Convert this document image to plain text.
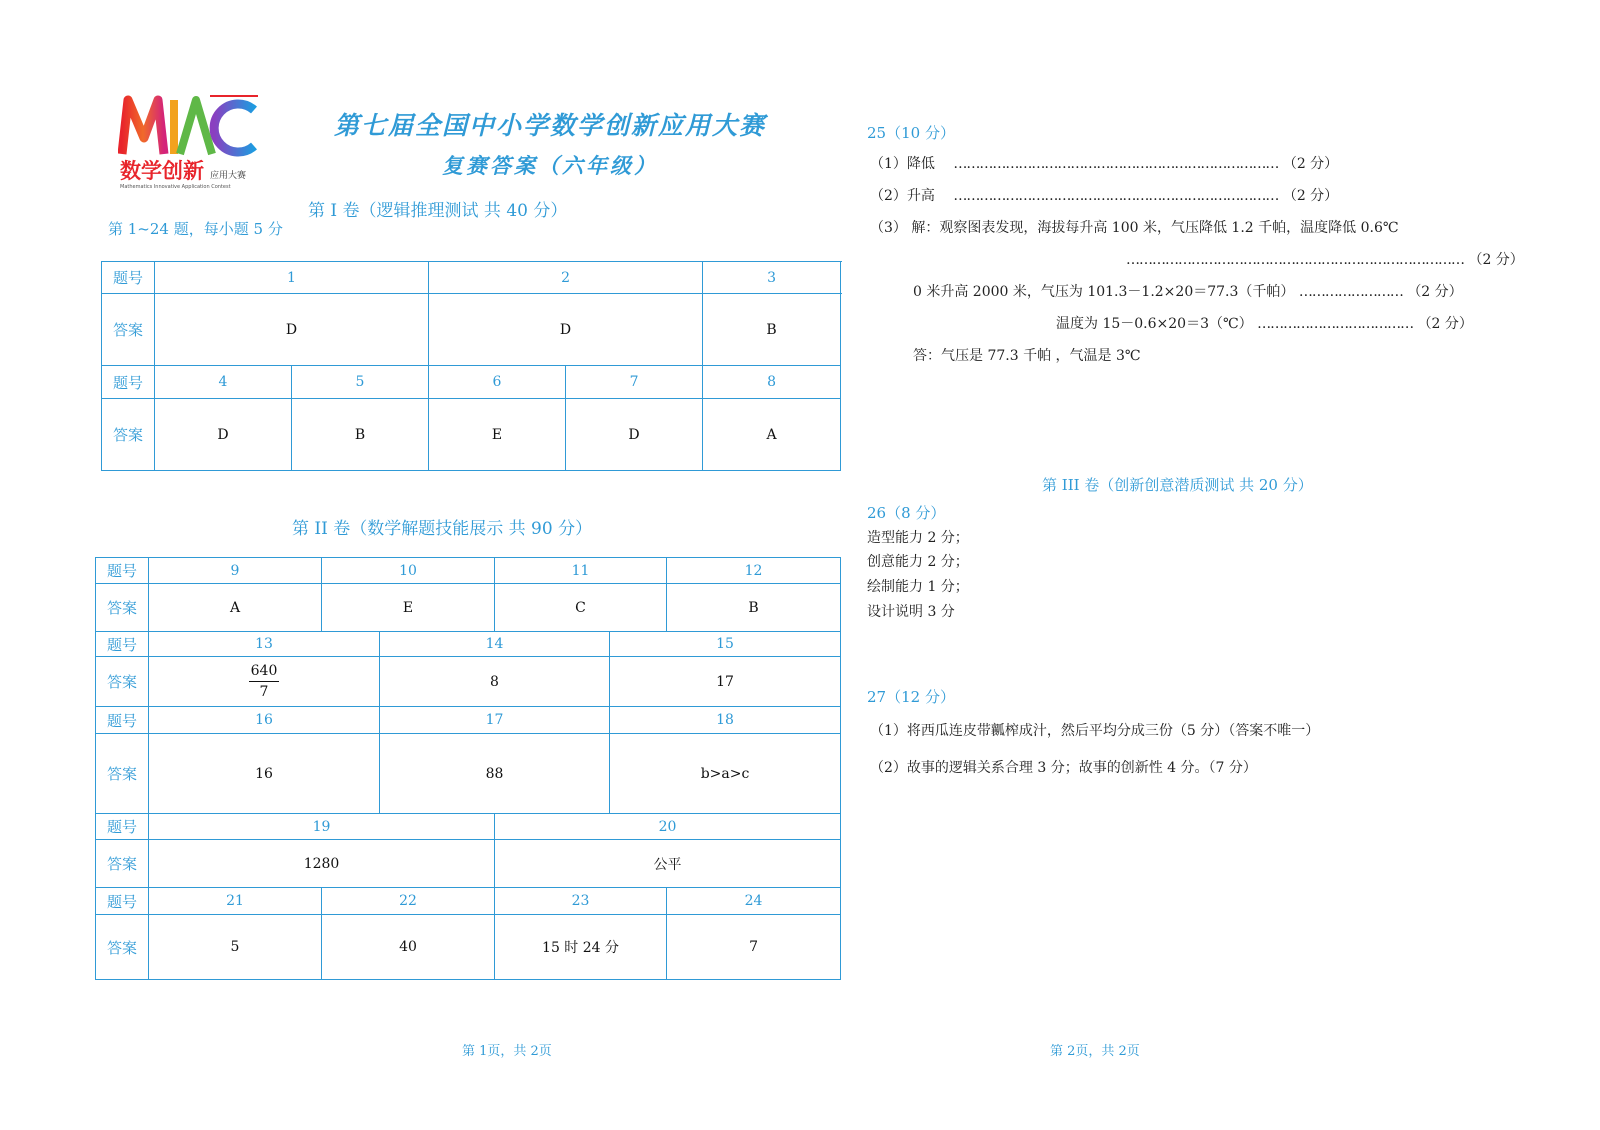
数学创新 应用大赛
Mathematics Innovative Application Contest
第七届全国中小学数学创新应用大赛
复赛答案（六年级）
第 I 卷（逻辑推理测试 共 40 分）
第 1~24 题，每小题 5 分
题号	1		2		3
答案	D		D		B
题号	4	5	6	7	8
答案	D	B	E	D	A
第 II 卷（数学解题技能展示 共 90 分）
题号	9	10		11		12
答案	A	E		C		B
题号	13		14		15	
答案	$\frac{640}{7}$		8		17	
题号	16		17		18	
答案	16		88		b>a>c	
题号	19			20		
答案	1280			公平		
题号	21	22		23		24
答案	5	40		15 时 24 分		7
25（10 分）
（1）降低 ………………………………………………………………… （2 分）
（2）升高 ………………………………………………………………… （2 分）
（3） 解：观察图表发现，海拔每升高 100 米，气压降低 1.2 千帕，温度降低 0.6℃
…………………………………………………………………… （2 分）
0 米升高 2000 米，气压为 101.3－1.2×20＝77.3（千帕） …………………… （2 分）
温度为 15－0.6×20＝3（℃） ……………………………… （2 分）
答：气压是 77.3 千帕 ，气温是 3℃
第 III 卷（创新创意潜质测试 共 20 分）
26（8 分）
造型能力 2 分；
创意能力 2 分；
绘制能力 1 分；
设计说明 3 分
27（12 分）
（1）将西瓜连皮带瓤榨成汁，然后平均分成三份（5 分）（答案不唯一）
（2）故事的逻辑关系合理 3 分；故事的创新性 4 分。（7 分）
第 1页，共 2页	第 2页，共 2页
